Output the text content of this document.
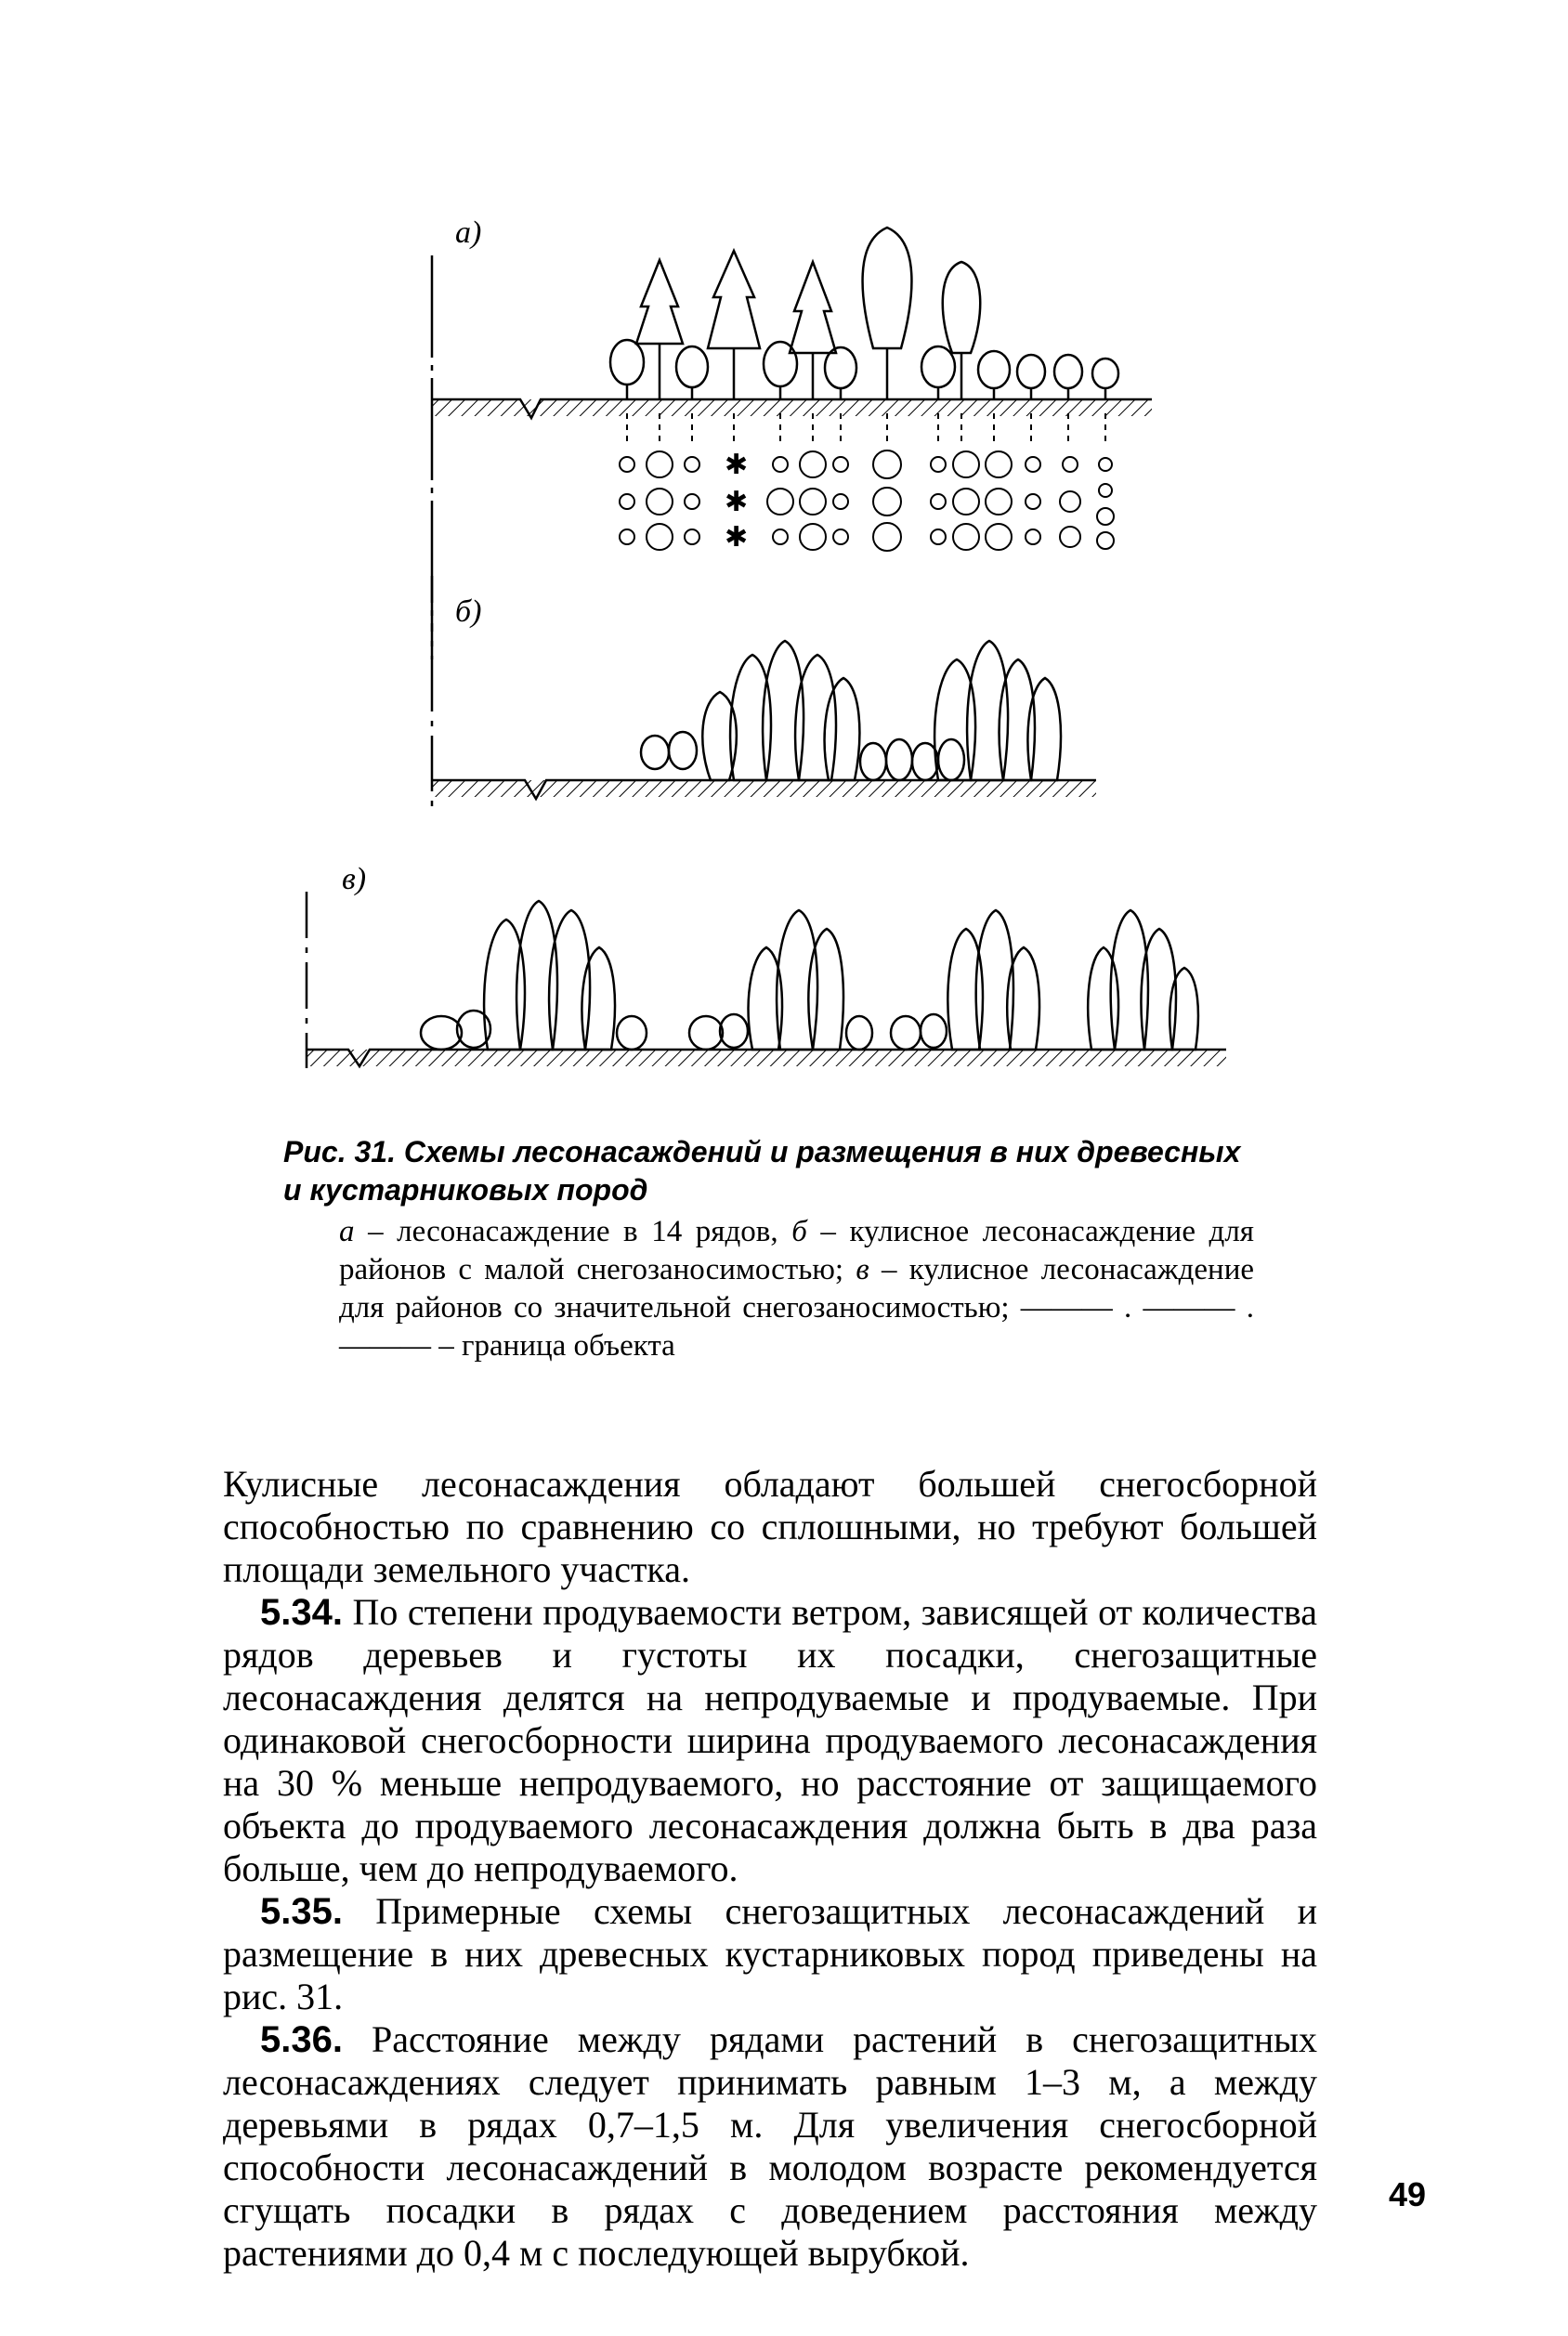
а)
б)
в)
✱
✱
✱
Рис. 31. Схемы лесонасаждений и размещения в них древесных и кустарниковых пород
а – лесонасаждение в 14 рядов, б – кулисное лесонасаждение для районов с малой снегозаносимостью; в – кулисное лесонасаждение для районов со значительной снегозаносимостью; ——— . ——— . ——— – граница объекта

Кулисные лесонасаждения обладают большей снегосборной способностью по сравнению со сплошными, но требуют большей площади земельного участка.

5.34. По степени продуваемости ветром, зависящей от количества рядов деревьев и густоты их посадки, снегозащитные лесонасаждения делятся на непродуваемые и продуваемые. При одинаковой снегосборности ширина продуваемого лесонасаждения на 30 % меньше непродуваемого, но расстояние от защищаемого объекта до продуваемого лесонасаждения должна быть в два раза больше, чем до непродуваемого.

5.35. Примерные схемы снегозащитных лесонасаждений и размещение в них древесных кустарниковых пород приведены на рис. 31.

5.36. Расстояние между рядами растений в снегозащитных лесонасаждениях следует принимать равным 1–3 м, а между деревьями в рядах 0,7–1,5 м. Для увеличения снегосборной способности лесонасаждений в молодом возрасте рекомендуется сгущать посадки в рядах с доведением расстояния между растениями до 0,4 м с последующей вырубкой.

49
